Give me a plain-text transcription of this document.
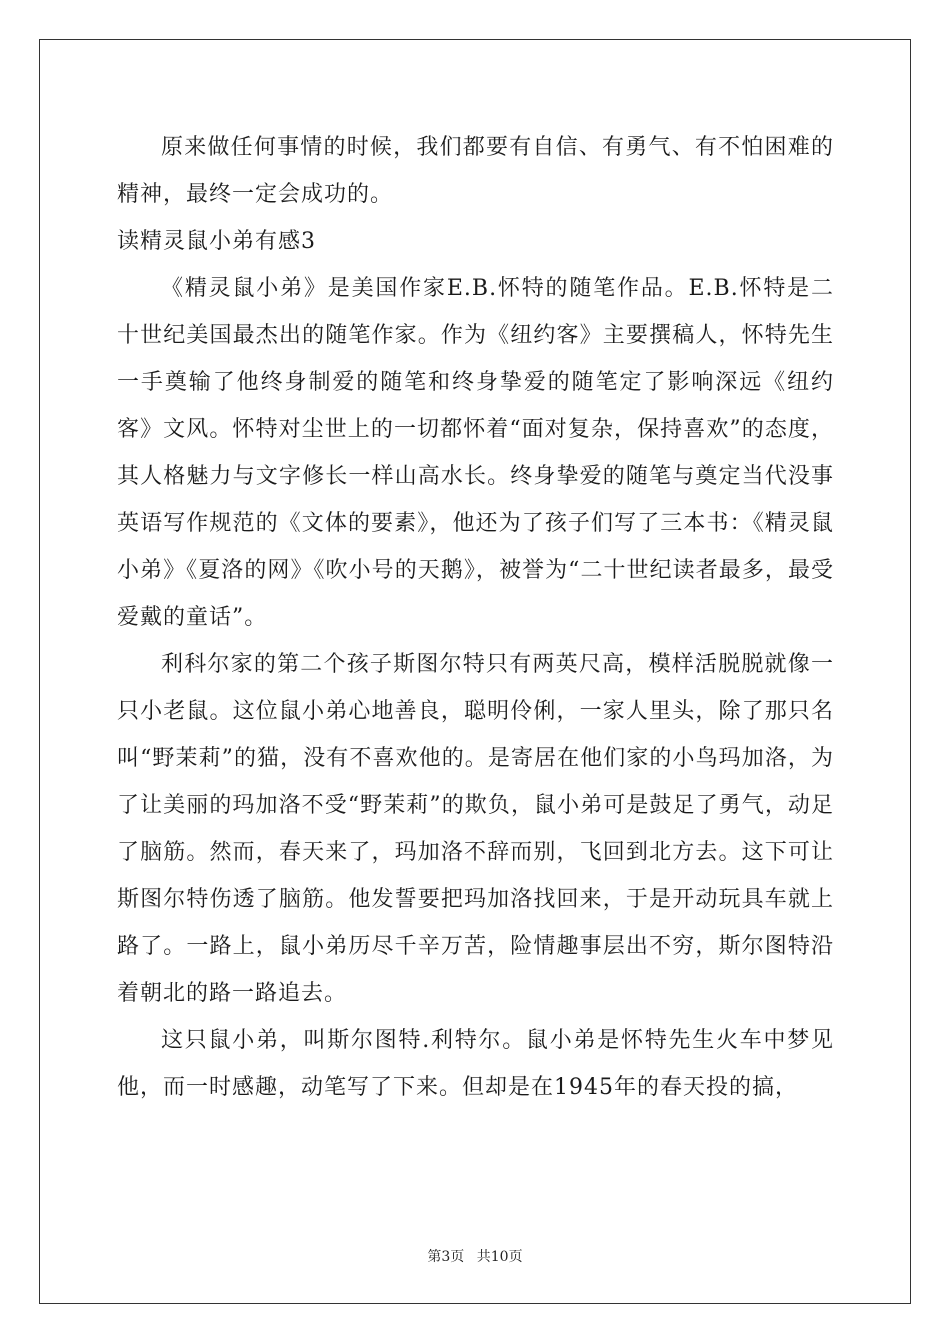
原来做任何事情的时候，我们都要有自信、有勇气、有不怕困难的精神，最终一定会成功的。

读精灵鼠小弟有感3

《精灵鼠小弟》是美国作家E.B.怀特的随笔作品。E.B.怀特是二十世纪美国最杰出的随笔作家。作为《纽约客》主要撰稿人，怀特先生一手奠输了他终身制爱的随笔和终身挚爱的随笔定了影响深远《纽约客》文风。怀特对尘世上的一切都怀着“面对复杂，保持喜欢”的态度，其人格魅力与文字修长一样山高水长。终身挚爱的随笔与奠定当代没事英语写作规范的《文体的要素》，他还为了孩子们写了三本书：《精灵鼠小弟》《夏洛的网》《吹小号的天鹅》，被誉为“二十世纪读者最多，最受爱戴的童话”。

利科尔家的第二个孩子斯图尔特只有两英尺高，模样活脱脱就像一只小老鼠。这位鼠小弟心地善良，聪明伶俐，一家人里头，除了那只名叫“野茉莉”的猫，没有不喜欢他的。是寄居在他们家的小鸟玛加洛，为了让美丽的玛加洛不受“野茉莉”的欺负，鼠小弟可是鼓足了勇气，动足了脑筋。然而，春天来了，玛加洛不辞而别，飞回到北方去。这下可让斯图尔特伤透了脑筋。他发誓要把玛加洛找回来，于是开动玩具车就上路了。一路上，鼠小弟历尽千辛万苦，险情趣事层出不穷，斯尔图特沿着朝北的路一路追去。

这只鼠小弟，叫斯尔图特.利特尔。鼠小弟是怀特先生火车中梦见他，而一时感趣，动笔写了下来。但却是在1945年的春天投的搞，

第3页 共10页
